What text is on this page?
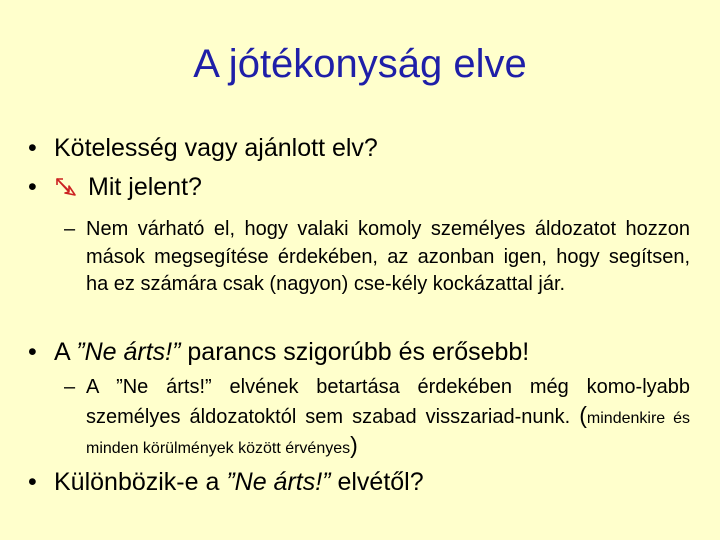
A jótékonyság elve
• Kötelesség vagy ajánlott elv?
• Mit jelent?
– Nem várható el, hogy valaki komoly személyes áldozatot hozzon mások megsegítése érdekében, az azonban igen, hogy segítsen, ha ez számára csak (nagyon) cse-kély kockázattal jár.
• A ”Ne árts!” parancs szigorúbb és erősebb!
– A ”Ne árts!” elvének betartása érdekében még komo-lyabb személyes áldozatoktól sem szabad visszariad-nunk. (mindenkire és minden körülmények között érvényes)
• Különbözik-e a ”Ne árts!” elvétől?
